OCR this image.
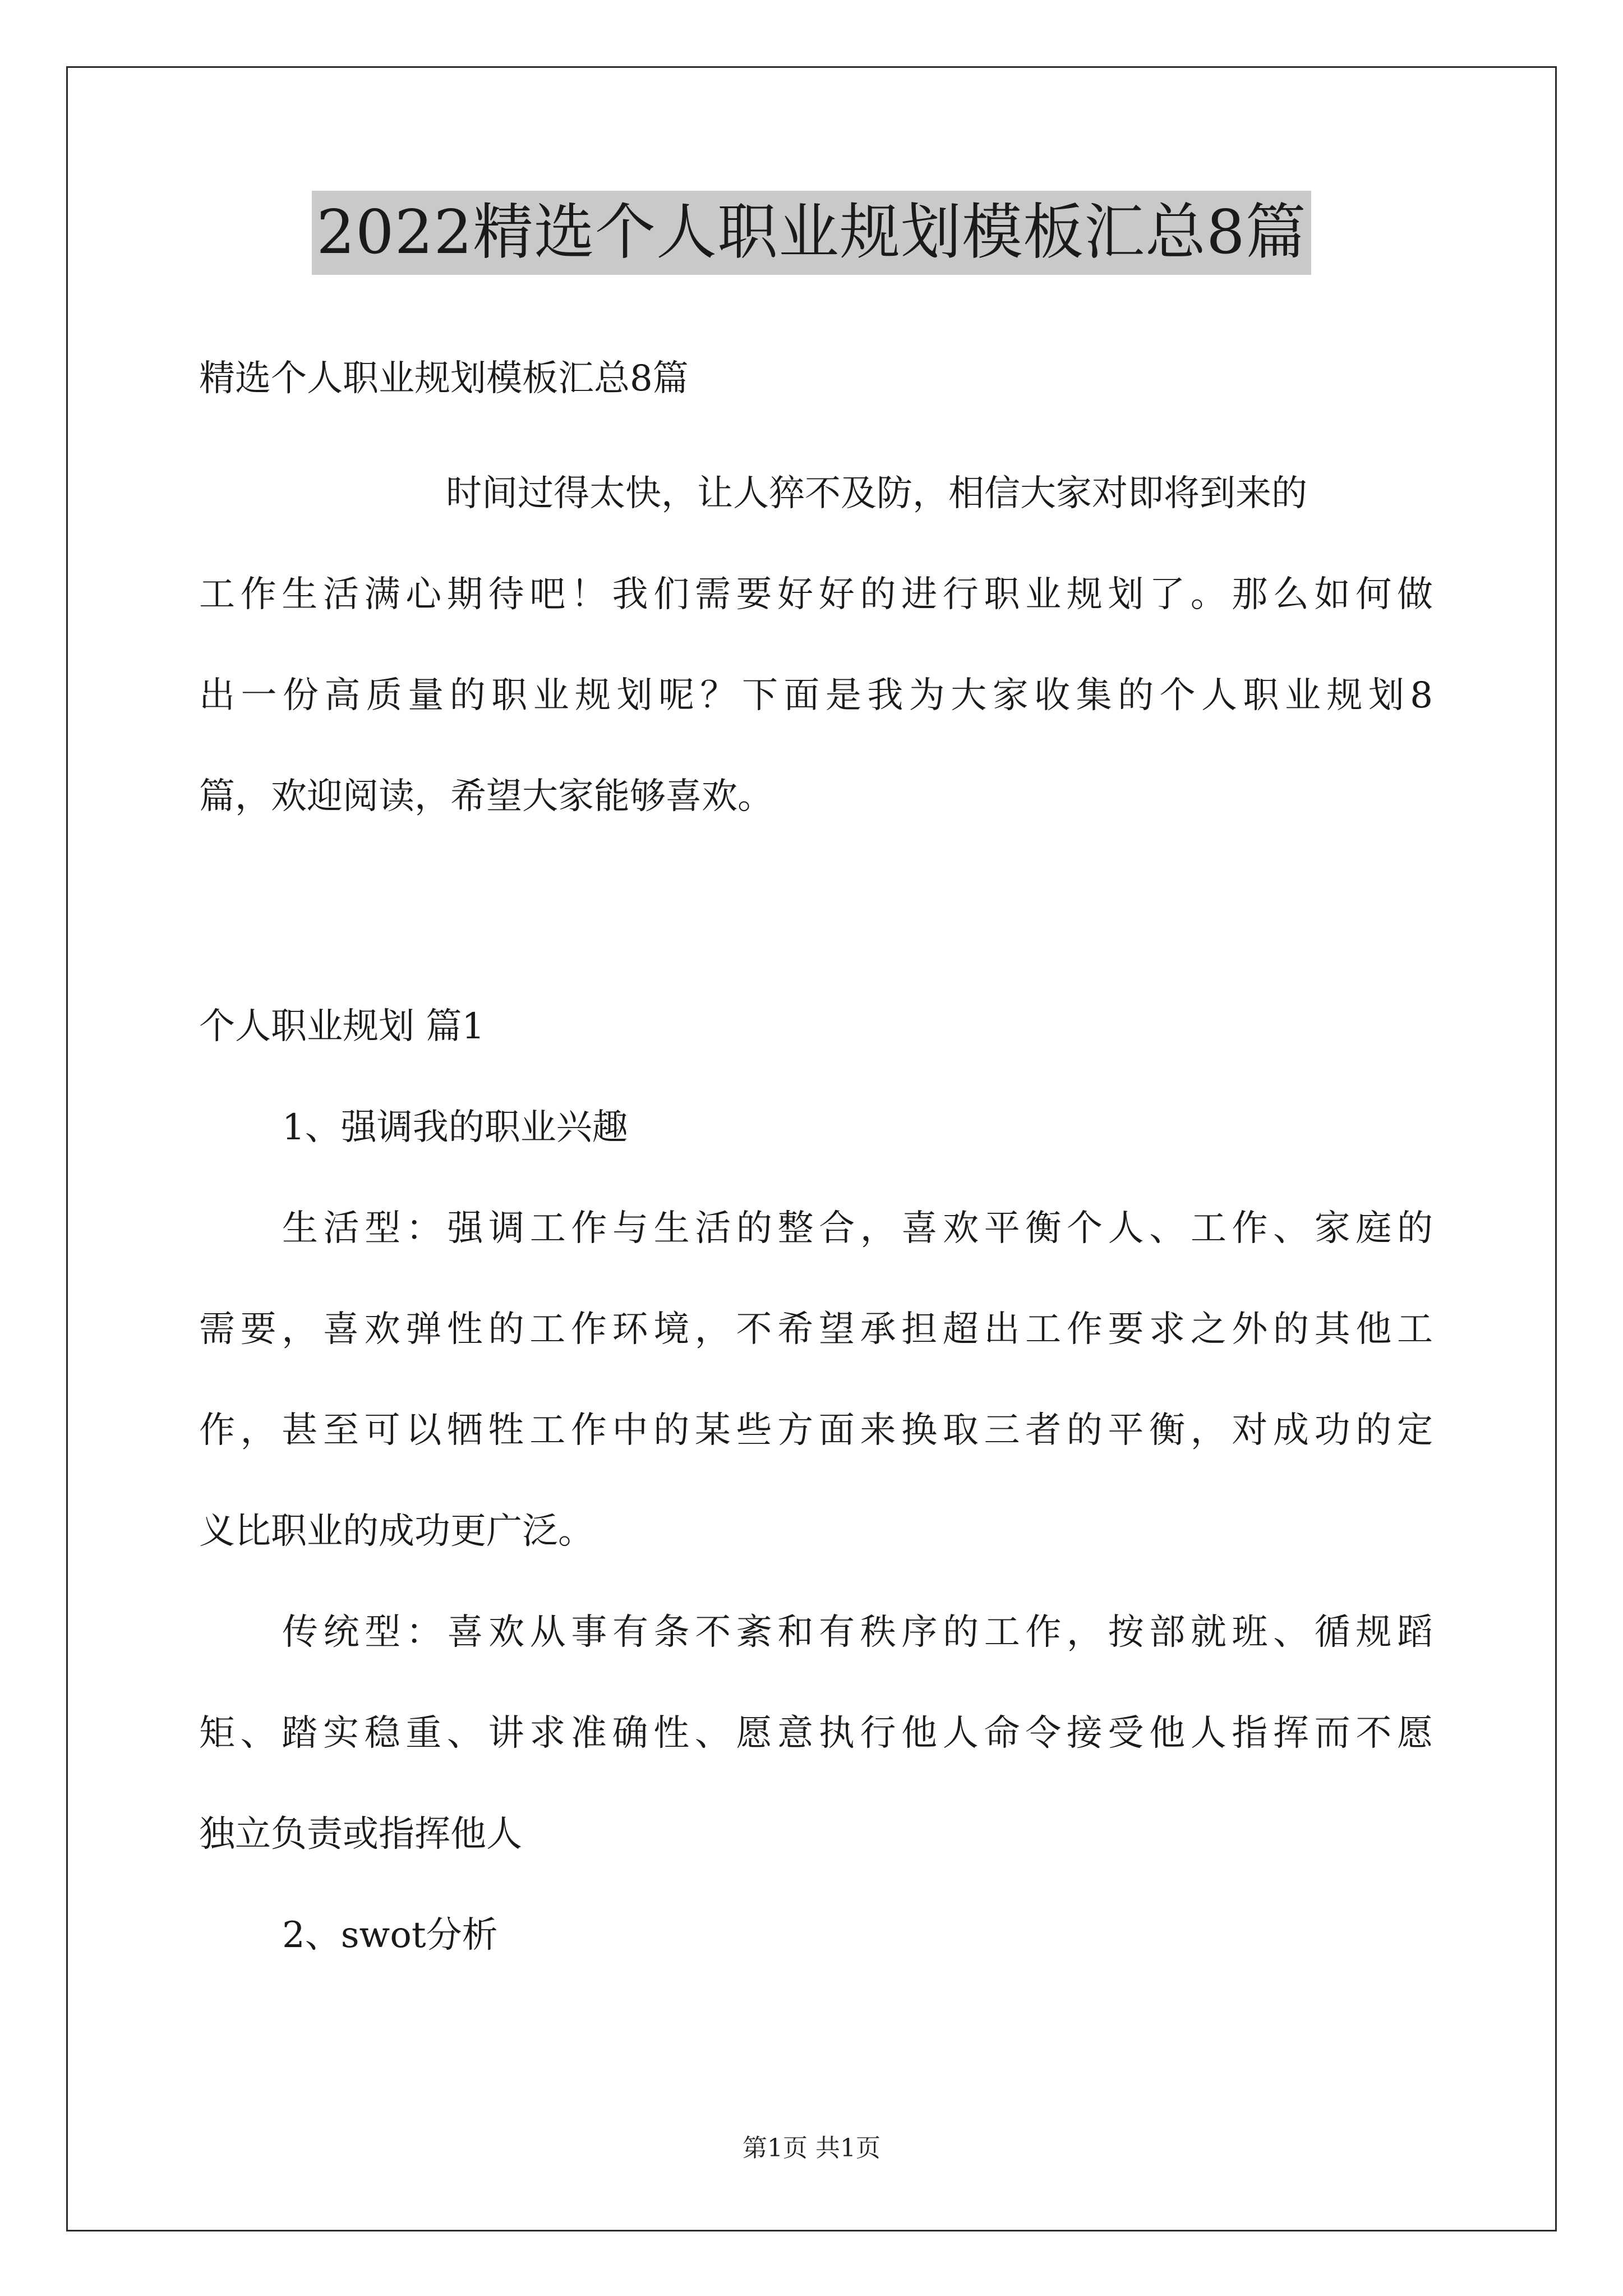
2022精选个人职业规划模板汇总8篇
精选个人职业规划模板汇总8篇
时间过得太快，让人猝不及防，相信大家对即将到来的
工作生活满心期待吧！我们需要好好的进行职业规划了。那么如何做
出一份高质量的职业规划呢？下面是我为大家收集的个人职业规划8
篇，欢迎阅读，希望大家能够喜欢。
个人职业规划 篇1
1、强调我的职业兴趣
生活型：强调工作与生活的整合，喜欢平衡个人、工作、家庭的
需要，喜欢弹性的工作环境，不希望承担超出工作要求之外的其他工
作，甚至可以牺牲工作中的某些方面来换取三者的平衡，对成功的定
义比职业的成功更广泛。
传统型：喜欢从事有条不紊和有秩序的工作，按部就班、循规蹈
矩、踏实稳重、讲求准确性、愿意执行他人命令接受他人指挥而不愿
独立负责或指挥他人
2、swot分析
第1页 共1页
